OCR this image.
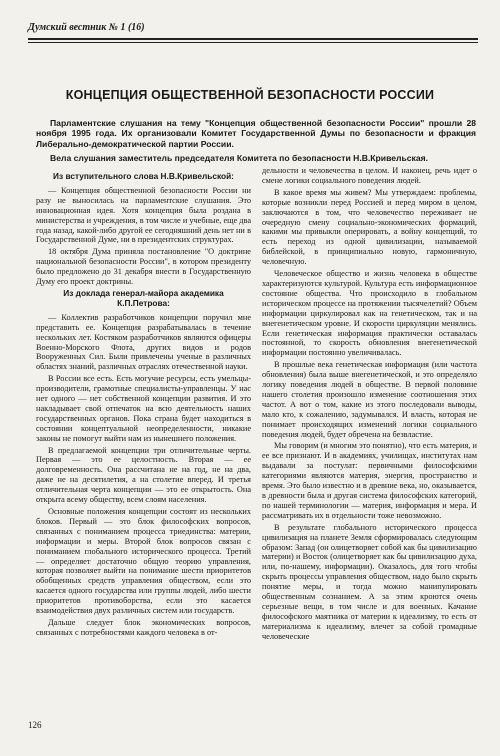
Думский вестник № 1 (16)
КОНЦЕПЦИЯ ОБЩЕСТВЕННОЙ БЕЗОПАСНОСТИ РОССИИ

Парламентские слушания на тему "Концепция общественной безопасности России" прошли 28 ноября 1995 года. Их организовали Комитет Государственной Думы по безопасности и фракция Либерально-демократической партии России.

Вела слушания заместитель председателя Комитета по безопасности Н.В.Кривельская.

Из вступительного слова Н.В.Кривельской:

— Концепция общественной безопасности России ни разу не выносилась на парламентские слушания. Это инновационная идея. Хотя концепция была роздана в министерства и учреждения, в том числе и учебные, еще два года назад, какой-либо другой ее сегодняшний день нет ни в Государственной Думе, ни в президентских структурах.

18 октября Дума приняла постановление "О доктрине национальной безопасности России", в котором президенту было предложено до 31 декабря внести в Государственную Думу его проект доктрины.

Из доклада генерал-майора академика К.П.Петрова:

— Коллектив разработчиков концепции поручил мне представить ее. Концепция разрабатывалась в течение нескольких лет. Костяком разработчиков являются офицеры Военно-Морского Флота, других видов и родов Вооруженных Сил. Были привлечены ученые в различных областях знаний, различных отраслях отечественной науки.

В России все есть. Есть могучие ресурсы, есть умельцы-производители, грамотные специалисты-управленцы. У нас нет одного — нет собственной концепции развития. И это накладывает свой отпечаток на всю деятельность наших государственных органов. Пока страна будет находиться в состоянии концептуальной неопределенности, никакие законы не помогут выйти нам из нынешнего положения.

В предлагаемой концепции три отличительные черты. Первая — это ее целостность. Вторая — ее долговременность. Она рассчитана не на год, не на два, даже не на десятилетия, а на столетие вперед. И третья отличительная черта концепции — это ее открытость. Она открыта всему обществу, всем слоям населения.

Основные положения концепции состоят из нескольких блоков. Первый — это блок философских вопросов, связанных с пониманием процесса триединства: материи, информации и меры. Второй блок вопросов связан с пониманием глобального исторического процесса. Третий — определяет достаточно общую теорию управления, которая позволяет выйти на понимание шести приоритетов обобщенных средств управления обществом, если это касается одного государства или группы людей, либо шести приоритетов противоборства, если это касается взаимодействия двух различных систем или государств.

Дальше следует блок экономических вопросов, связанных с потребностями каждого человека в от-

дельности и человечества в целом. И наконец, речь идет о смене логики социального поведения людей.

В какое время мы живем? Мы утверждаем: проблемы, которые возникли перед Россией и перед миром в целом, заключаются в том, что человечество переживает не очередную смену социально-экономических формаций, какими мы привыкли оперировать, а войну концепций, то есть переход из одной цивилизации, называемой библейской, в принципиально новую, гармоничную, человечную.

Человеческое общество и жизнь человека в обществе характеризуются культурой. Культура есть информационное состояние общества. Что происходило в глобальном историческом процессе на протяжении тысячелетий? Объем информации циркулировал как на генетическом, так и на внегенетическом уровне. И скорости циркуляции менялись. Если генетическая информация практически оставалась постоянной, то скорость обновления внегенетической информации постоянно увеличивалась.

В прошлые века генетическая информация (или частота обновления) была выше внегенетической, и это определяло логику поведения людей в обществе. В первой половине нашего столетия произошло изменение соотношения этих частот. А вот о том, какие из этого последовали выводы, мало кто, к сожалению, задумывался. И власть, которая не понимает происходящих изменений логики социального поведения людей, будет обречена на безвластие.

Мы говорим (и многим это понятно), что есть материя, и ее все признают. И в академиях, училищах, институтах нам выдавали за постулат: первичными философскими категориями являются материя, энергия, пространство и время. Это было известно и в древние века, но, оказывается, в древности была и другая система философских категорий, по нашей терминологии — материя, информация и мера. И рассматривать их в отдельности тоже невозможно.

В результате глобального исторического процесса цивилизация на планете Земля сформировалась следующим образом: Запад (он олицетворяет собой как бы цивилизацию материи) и Восток (олицетворяет как бы цивилизацию духа, или, по-нашему, информации). Оказалось, для того чтобы скрыть процессы управления обществом, надо было скрыть понятие меры, и тогда можно манипулировать общественным сознанием. А за этим кроются очень серьезные вещи, в том числе и для военных. Качание философского маятника от материи к идеализму, то есть от материализма к идеализму, влечет за собой громадные человеческие

126
